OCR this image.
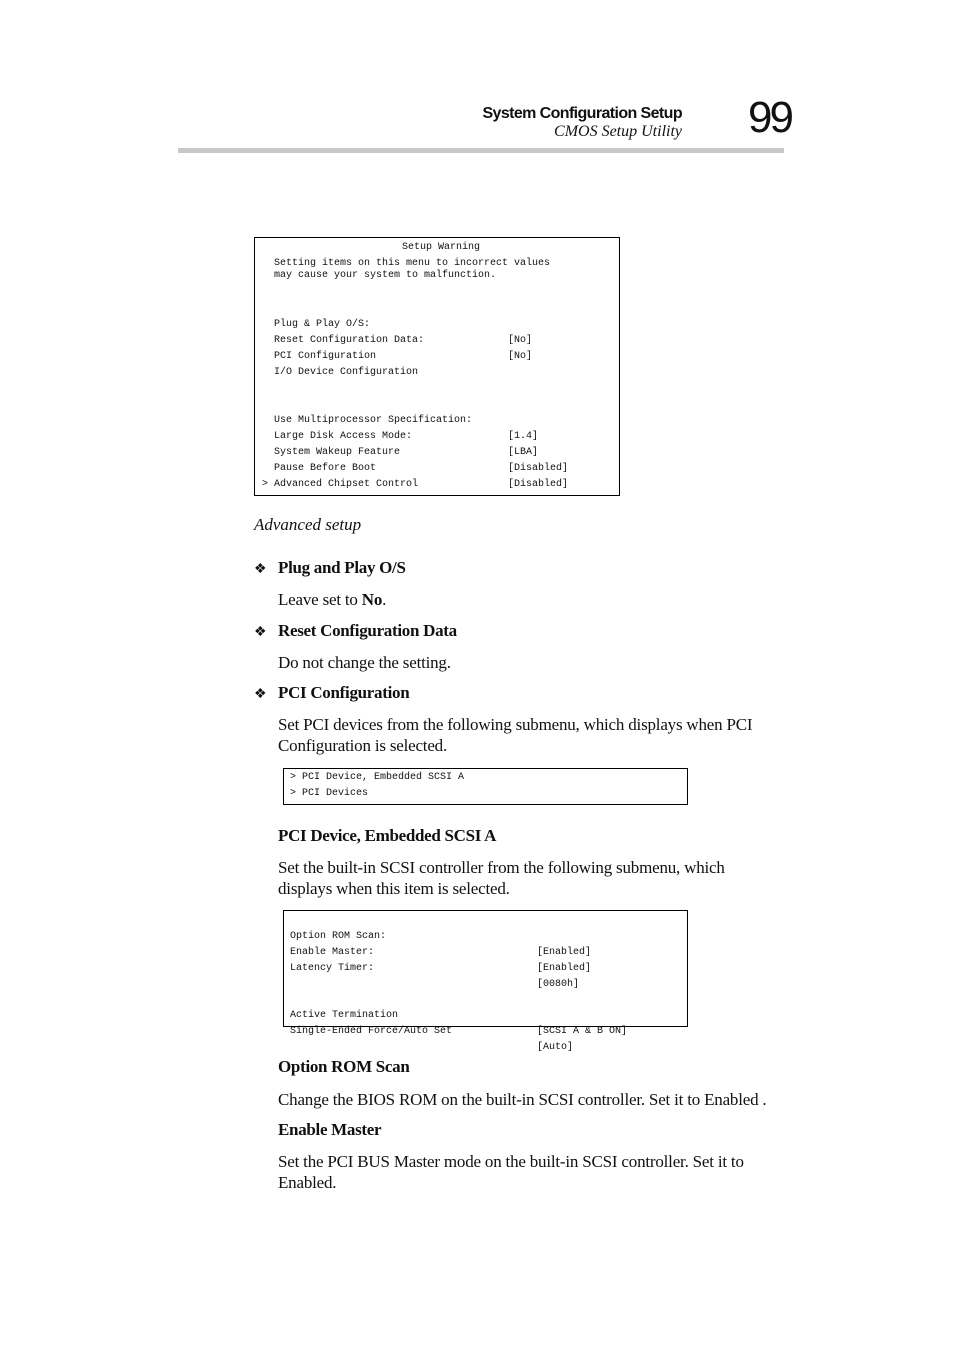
System Configuration Setup
CMOS Setup Utility 99

Setup Warning

Setting items on this menu to incorrect values

may cause your system to malfunction.

Plug & Play O/S:

[No]

Reset Configuration Data:

[No]

PCI Configuration

I/O Device Configuration

Use Multiprocessor Specification:

[1.4]

Large Disk Access Mode:

[LBA]

System Wakeup Feature

[Disabled]

Pause Before Boot

[Disabled]

> Advanced Chipset Control

Advanced setup
❖ Plug and Play O/S
Leave set to No.
❖ Reset Configuration Data
Do not change the setting.
❖ PCI Configuration
Set PCI devices from the following submenu, which displays when PCI Configuration is selected.

> PCI Device, Embedded SCSI A

> PCI Devices

PCI Device, Embedded SCSI A
Set the built-in SCSI controller from the following submenu, which displays when this item is selected.

Option ROM Scan:

[Enabled]

Enable Master:

[Enabled]

Latency Timer:

[0080h]

Active Termination

[SCSI A & B ON]

Single-Ended Force/Auto Set

[Auto]

Option ROM Scan
Change the BIOS ROM on the built-in SCSI controller. Set it to Enabled .
Enable Master
Set the PCI BUS Master mode on the built-in SCSI controller. Set it to Enabled.
